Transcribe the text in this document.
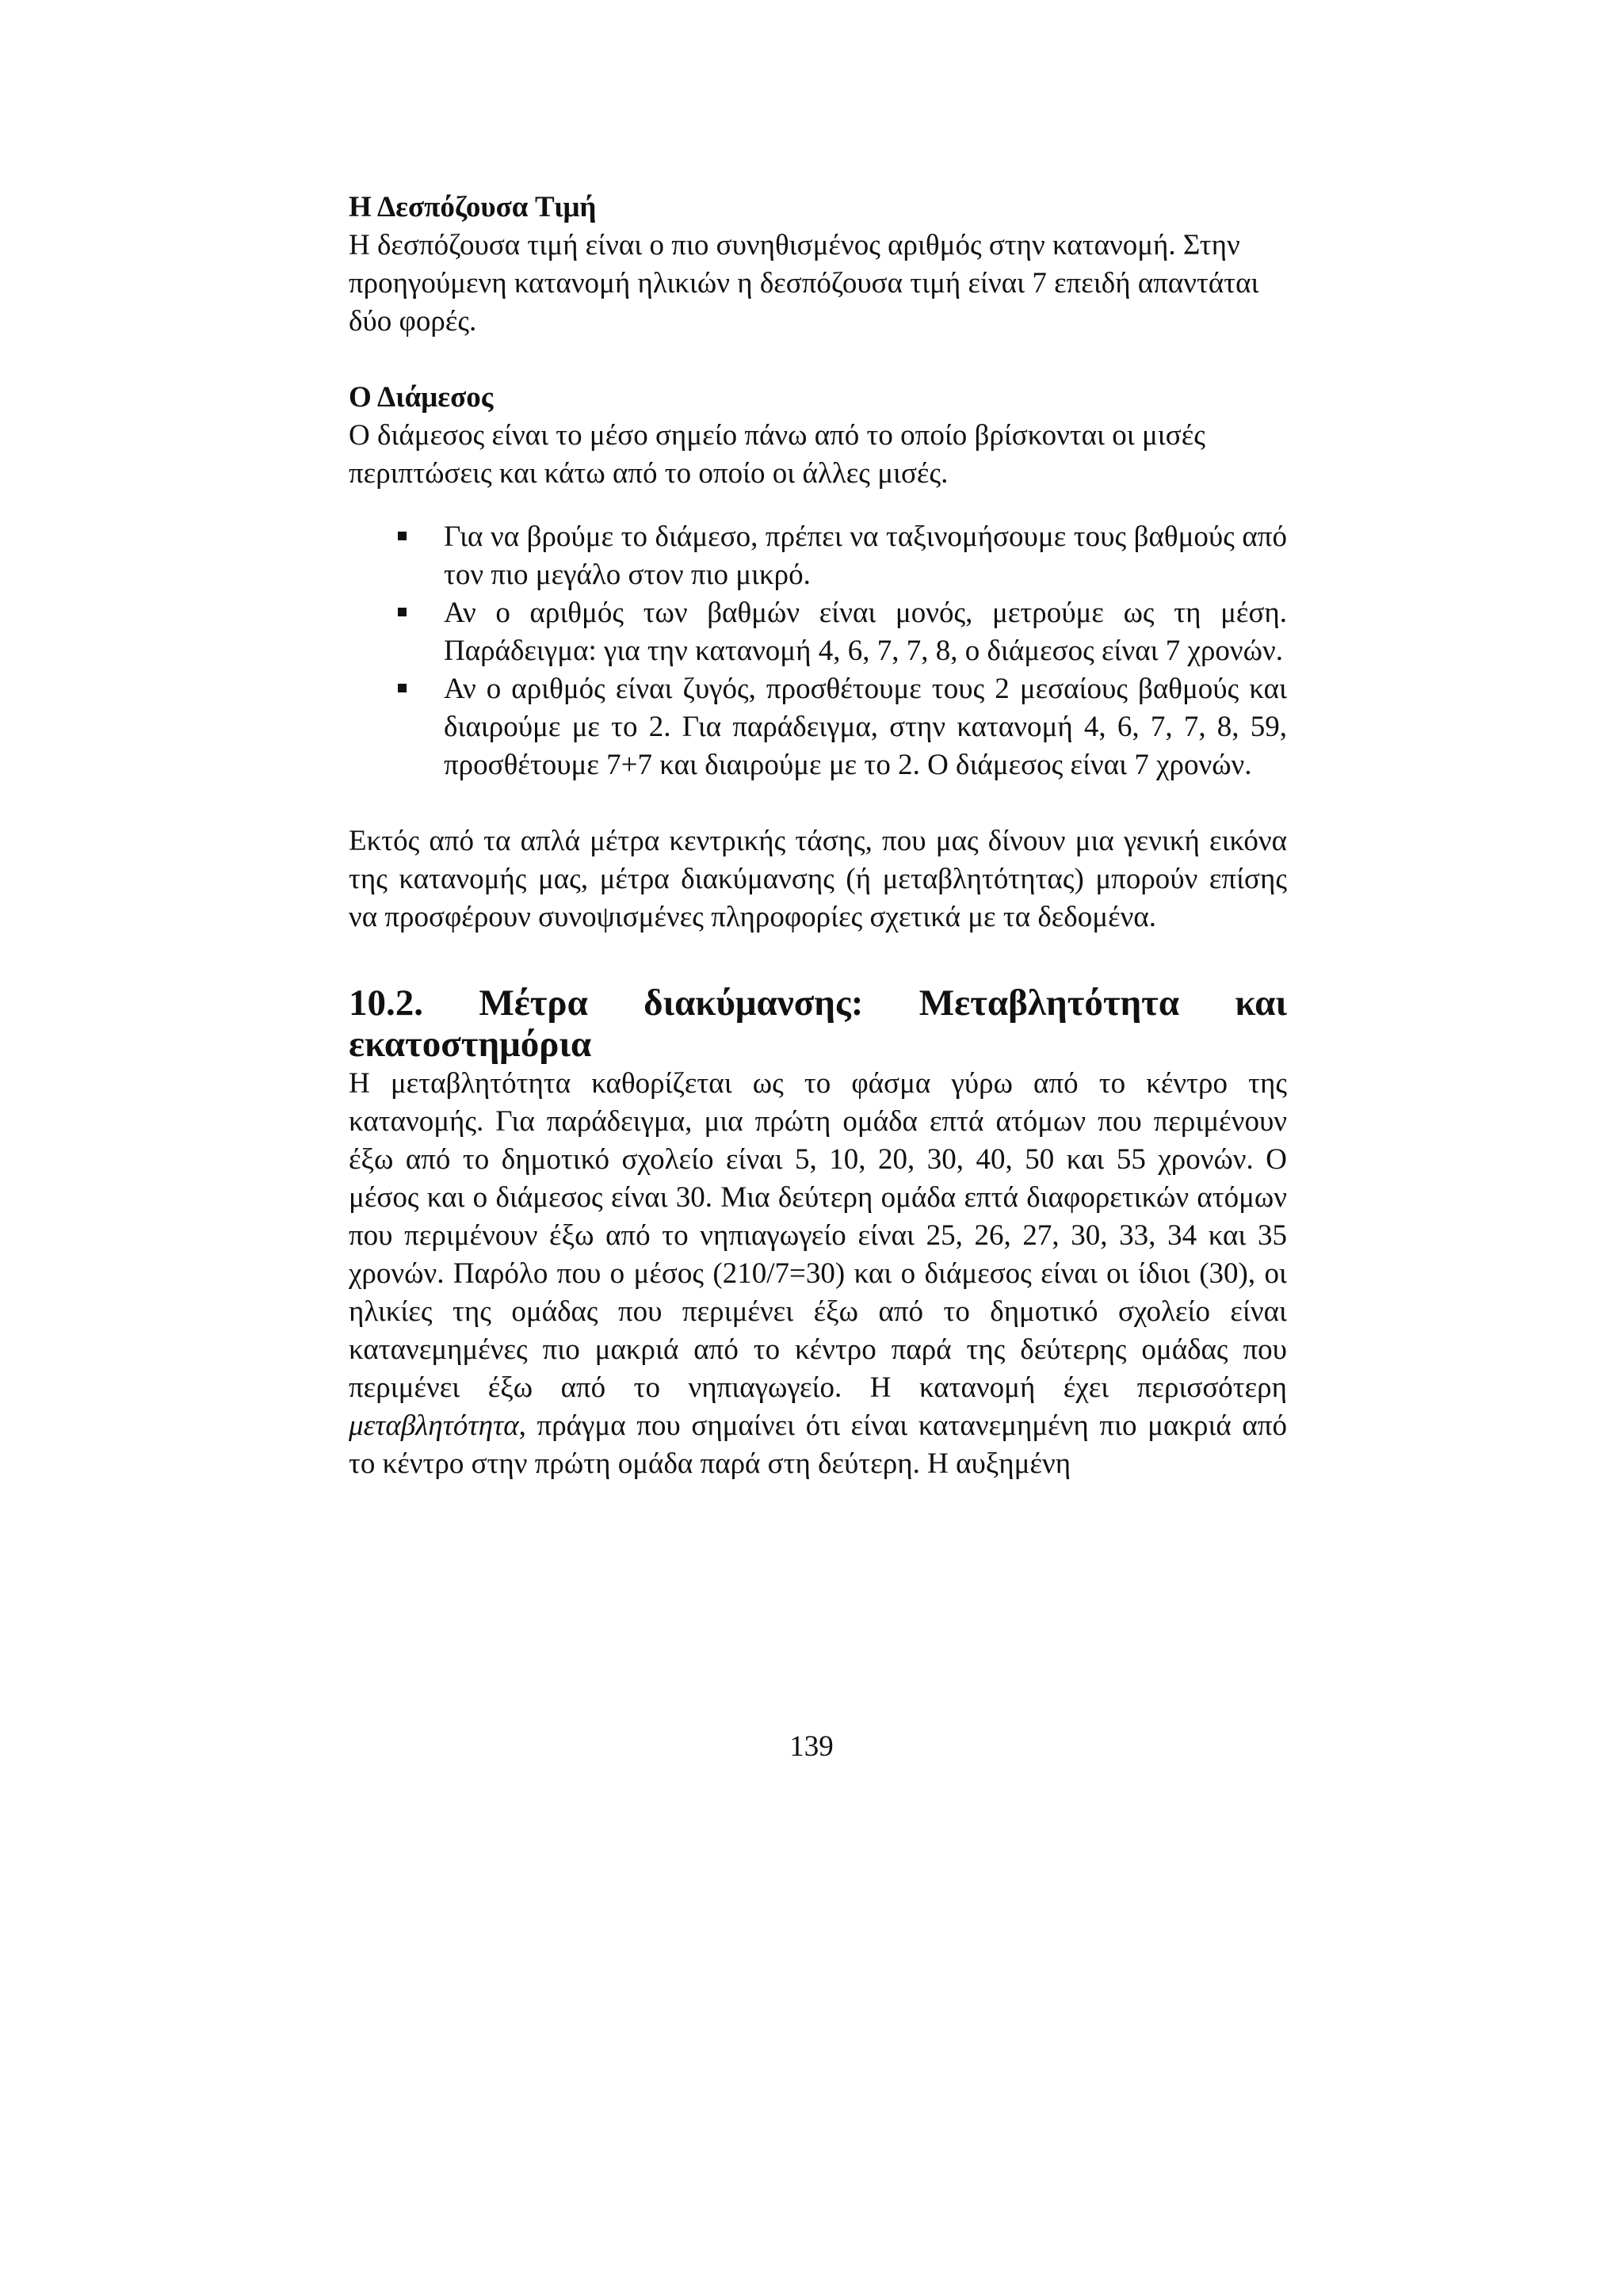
Η Δεσπόζουσα Τιμή

Η δεσπόζουσα τιμή είναι ο πιο συνηθισμένος αριθμός στην κατανομή. Στην προηγούμενη κατανομή ηλικιών η δεσπόζουσα τιμή είναι 7 επειδή απαντάται δύο φορές.

Ο Διάμεσος

Ο διάμεσος είναι το μέσο σημείο πάνω από το οποίο βρίσκονται οι μισές περιπτώσεις και κάτω από το οποίο οι άλλες μισές.

Για να βρούμε το διάμεσο, πρέπει να ταξινομήσουμε τους βαθμούς από τον πιο μεγάλο στον πιο μικρό.
Αν ο αριθμός των βαθμών είναι μονός, μετρούμε ως τη μέση. Παράδειγμα: για την κατανομή 4, 6, 7, 7, 8, ο διάμεσος είναι 7 χρονών.
Αν ο αριθμός είναι ζυγός, προσθέτουμε τους 2 μεσαίους βαθμούς και διαιρούμε με το 2. Για παράδειγμα, στην κατανομή 4, 6, 7, 7, 8, 59, προσθέτουμε 7+7 και διαιρούμε με το 2. Ο διάμεσος είναι 7 χρονών.

Εκτός από τα απλά μέτρα κεντρικής τάσης, που μας δίνουν μια γενική εικόνα της κατανομής μας, μέτρα διακύμανσης (ή μεταβλητότητας) μπορούν επίσης να προσφέρουν συνοψισμένες πληροφορίες σχετικά με τα δεδομένα.

10.2. Μέτρα διακύμανσης: Μεταβλητότητα και
εκατοστημόρια

Η μεταβλητότητα καθορίζεται ως το φάσμα γύρω από το κέντρο της κατανομής. Για παράδειγμα, μια πρώτη ομάδα επτά ατόμων που περιμένουν έξω από το δημοτικό σχολείο είναι 5, 10, 20, 30, 40, 50 και 55 χρονών. Ο μέσος και ο διάμεσος είναι 30. Μια δεύτερη ομάδα επτά διαφορετικών ατόμων που περιμένουν έξω από το νηπιαγωγείο είναι 25, 26, 27, 30, 33, 34 και 35 χρονών. Παρόλο που ο μέσος (210/7=30) και ο διάμεσος είναι οι ίδιοι (30), οι ηλικίες της ομάδας που περιμένει έξω από το δημοτικό σχολείο είναι κατανεμημένες πιο μακριά από το κέντρο παρά της δεύτερης ομάδας που περιμένει έξω από το νηπιαγωγείο. Η κατανομή έχει περισσότερη μεταβλητότητα, πράγμα που σημαίνει ότι είναι κατανεμημένη πιο μακριά από το κέντρο στην πρώτη ομάδα παρά στη δεύτερη. Η αυξημένη

139
